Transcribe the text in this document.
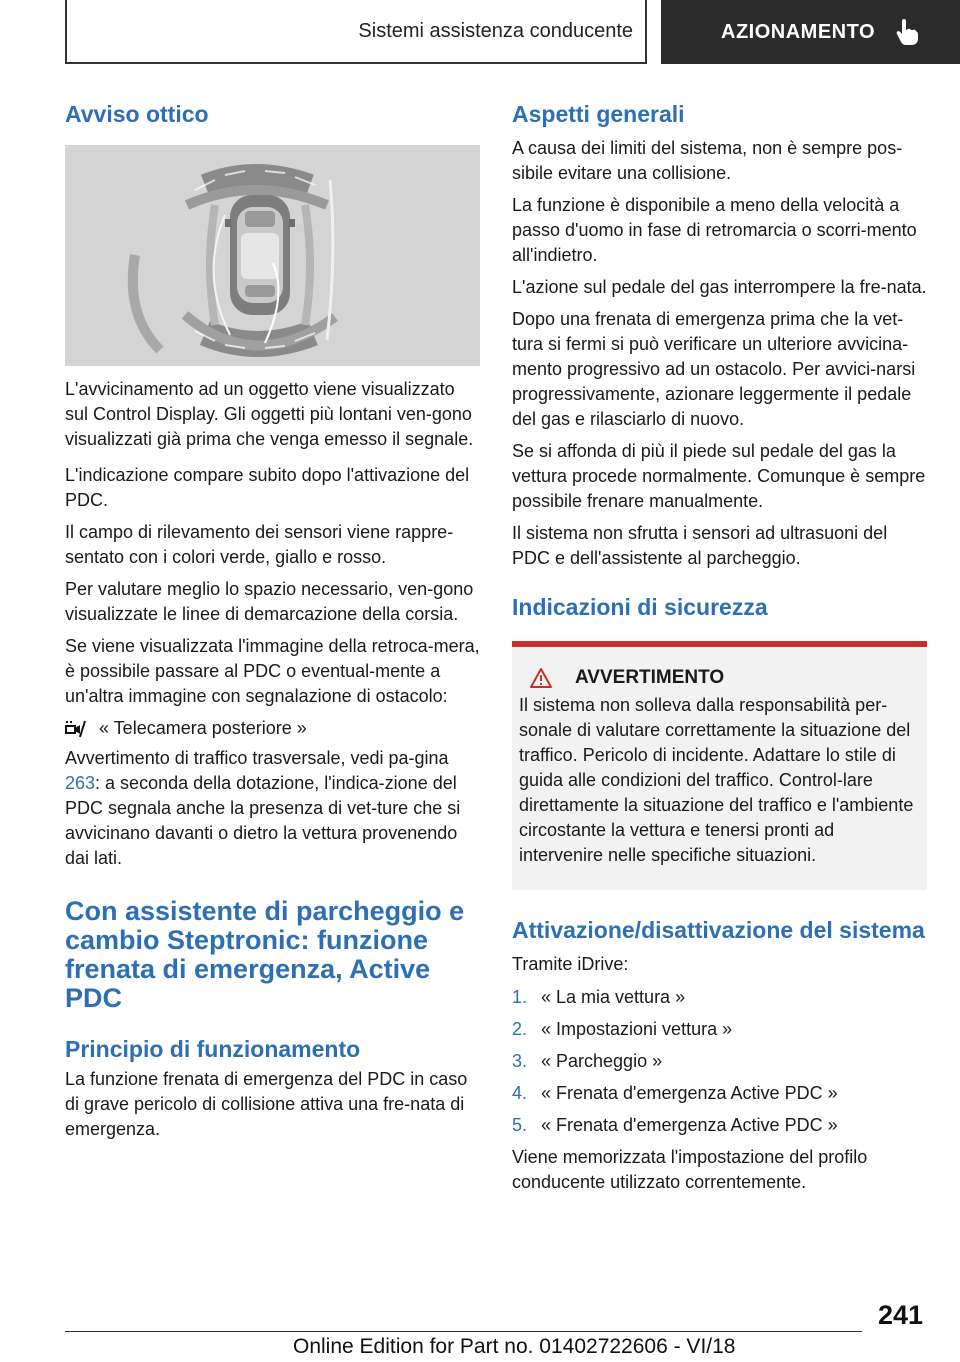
Sistemi assistenza conducente	AZIONAMENTO
Avviso ottico

L'avvicinamento ad un oggetto viene visualizzato sul Control Display. Gli oggetti più lontani ven-gono visualizzati già prima che venga emesso il segnale.

L'indicazione compare subito dopo l'attivazione del PDC.

Il campo di rilevamento dei sensori viene rappre-sentato con i colori verde, giallo e rosso.

Per valutare meglio lo spazio necessario, ven-gono visualizzate le linee di demarcazione della corsia.

Se viene visualizzata l'immagine della retroca-mera, è possibile passare al PDC o eventual-mente a un'altra immagine con segnalazione di ostacolo:

« Telecamera posteriore »

Avvertimento di traffico trasversale, vedi pa-gina 263: a seconda della dotazione, l'indica-zione del PDC segnala anche la presenza di vet-ture che si avvicinano davanti o dietro la vettura provenendo dai lati.

Con assistente di parcheggio e cambio Steptronic: funzione frenata di emergenza, Active PDC
Principio di funzionamento

La funzione frenata di emergenza del PDC in caso di grave pericolo di collisione attiva una fre-nata di emergenza.

Aspetti generali

A causa dei limiti del sistema, non è sempre pos-sibile evitare una collisione.

La funzione è disponibile a meno della velocità a passo d'uomo in fase di retromarcia o scorri-mento all'indietro.

L'azione sul pedale del gas interrompere la fre-nata.

Dopo una frenata di emergenza prima che la vet-tura si fermi si può verificare un ulteriore avvicina-mento progressivo ad un ostacolo. Per avvici-narsi progressivamente, azionare leggermente il pedale del gas e rilasciarlo di nuovo.

Se si affonda di più il piede sul pedale del gas la vettura procede normalmente. Comunque è sempre possibile frenare manualmente.

Il sistema non sfrutta i sensori ad ultrasuoni del PDC e dell'assistente al parcheggio.

Indicazioni di sicurezza
AVVERTIMENTO

Il sistema non solleva dalla responsabilità per-sonale di valutare correttamente la situazione del traffico. Pericolo di incidente. Adattare lo stile di guida alle condizioni del traffico. Control-lare direttamente la situazione del traffico e l'ambiente circostante la vettura e tenersi pronti ad intervenire nelle specifiche situazioni.

Attivazione/disattivazione del sistema

Tramite iDrive:

1. « La mia vettura »
2. « Impostazioni vettura »
3. « Parcheggio »
4. « Frenata d'emergenza Active PDC »
5. « Frenata d'emergenza Active PDC »

Viene memorizzata l'impostazione del profilo conducente utilizzato correntemente.

241
Online Edition for Part no. 01402722606 - VI/18
